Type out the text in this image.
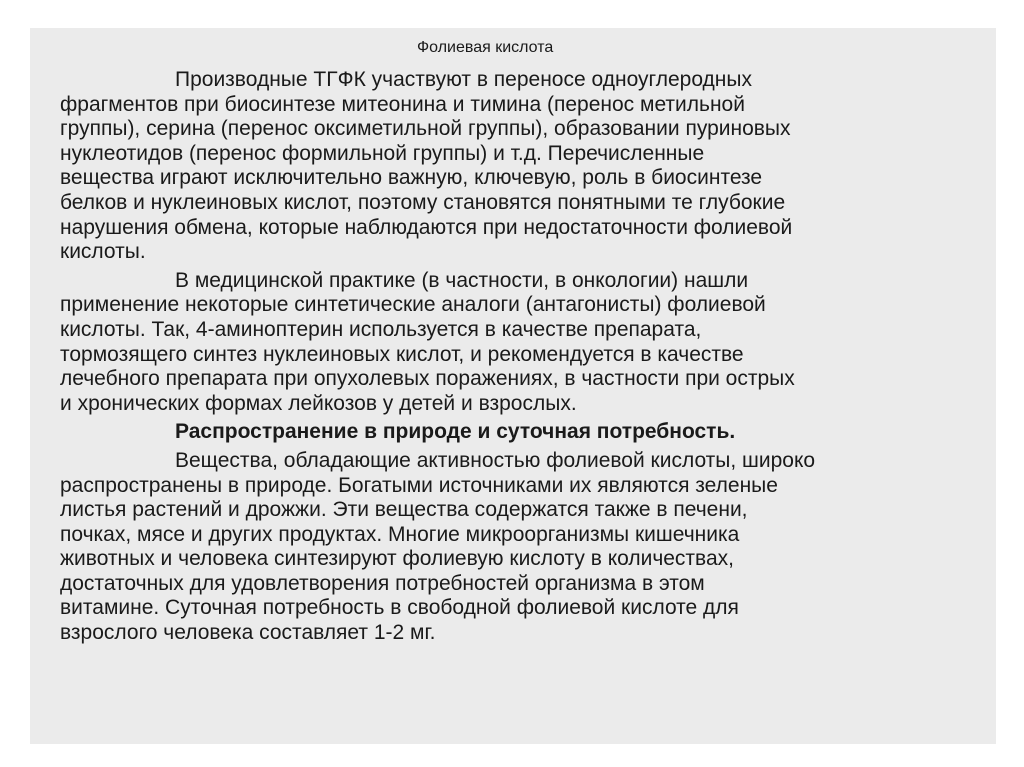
Фолиевая кислота
Производные ТГФК участвуют в переносе одноуглеродных
фрагментов при биосинтезе митеонина и тимина (перенос метильной
группы), серина (перенос оксиметильной группы), образовании пуриновых
нуклеотидов (перенос формильной группы) и т.д. Перечисленные
вещества играют исключительно важную, ключевую, роль в биосинтезе
белков и нуклеиновых кислот, поэтому становятся понятными те глубокие
нарушения обмена, которые наблюдаются при недостаточности фолиевой
кислоты.
В медицинской практике (в частности, в онкологии) нашли
применение некоторые синтетические аналоги (антагонисты) фолиевой
кислоты. Так, 4-аминоптерин используется в качестве препарата,
тормозящего синтез нуклеиновых кислот, и рекомендуется в качестве
лечебного препарата при опухолевых поражениях, в частности при острых
и хронических формах лейкозов у детей и взрослых.
Распространение в природе и суточная потребность.
Вещества, обладающие активностью фолиевой кислоты, широко
распространены в природе. Богатыми источниками их являются зеленые
листья растений и дрожжи. Эти вещества содержатся также в печени,
почках, мясе и других продуктах. Многие микроорганизмы кишечника
животных и человека синтезируют фолиевую кислоту в количествах,
достаточных для удовлетворения потребностей организма в этом
витамине. Суточная потребность в свободной фолиевой кислоте для
взрослого человека составляет 1-2 мг.
